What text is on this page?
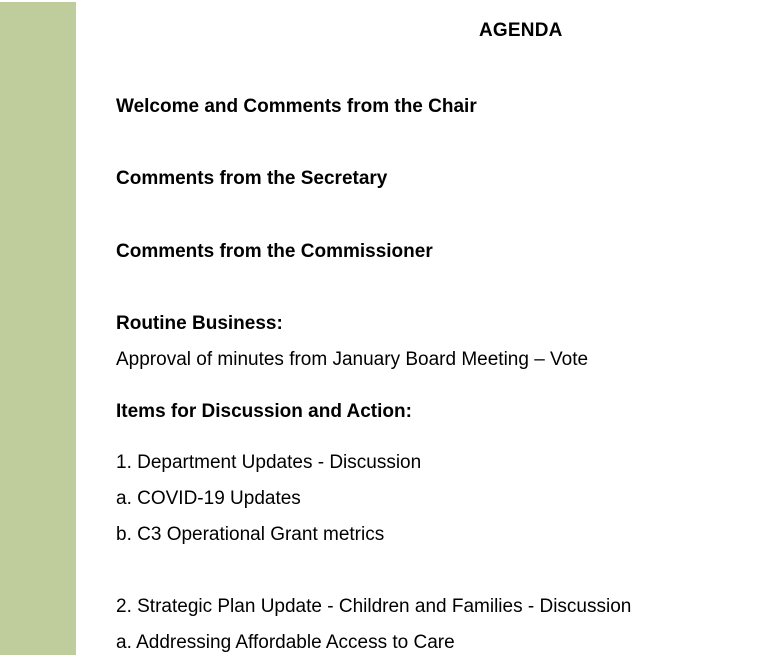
AGENDA
Welcome and Comments from the Chair
Comments from the Secretary
Comments from the Commissioner
Routine Business:
Approval of minutes from January Board Meeting – Vote
Items for Discussion and Action:
1. Department Updates - Discussion
a. COVID-19 Updates
b. C3 Operational Grant metrics
2. Strategic Plan Update - Children and Families - Discussion
a. Addressing Affordable Access to Care
